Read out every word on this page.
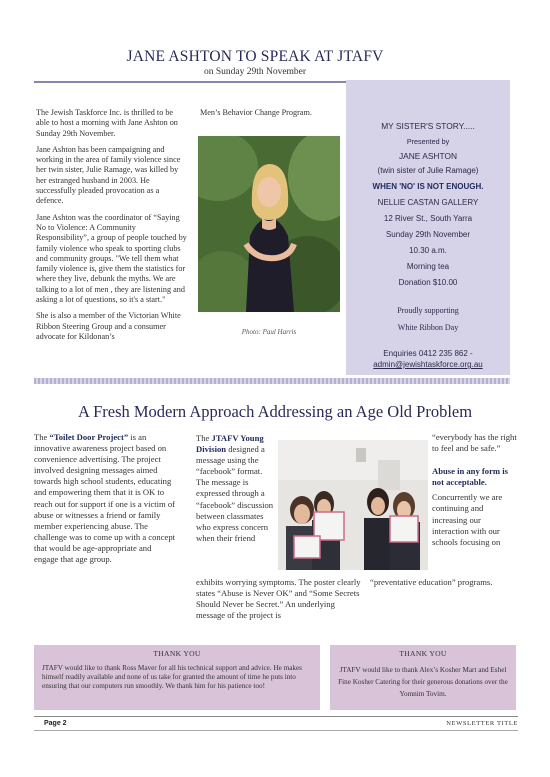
JANE ASHTON TO SPEAK AT JTAFV
on Sunday 29th November

The Jewish Taskforce Inc. is thrilled to be able to host a morning with Jane Ashton on Sunday 29th November.

Jane Ashton has been campaigning and working in the area of family violence since her twin sister, Julie Ramage, was killed by her estranged husband in 2003. He successfully pleaded provocation as a defence.

Jane Ashton was the coordinator of “Saying No to Violence: A Community Responsibility”, a group of people touched by family violence who speak to sporting clubs and community groups. "We tell them what family violence is, give them the statistics for where they live, debunk the myths. We are talking to a lot of men , they are listening and asking a lot of questions, so it's a start."

She is also a member of the Victorian White Ribbon Steering Group and a consumer advocate for Kildonan’s

Men’s Behavior Change Program.
Photo: Paul Harris
MY SISTER'S STORY.....
Presented by
JANE ASHTON
(twin sister of Julie Ramage)
WHEN 'NO' IS NOT ENOUGH.
NELLIE CASTAN GALLERY
12 River St., South Yarra
Sunday 29th November
10.30 a.m.
Morning tea
Donation $10.00
Proudly supporting
White Ribbon Day
Enquiries 0412 235 862 -
admin@jewishtaskforce.org.au
A Fresh Modern Approach Addressing an Age Old Problem
The “Toilet Door Project” is an innovative awareness project based on convenience advertising. The project involved designing messages aimed towards high school students, educating and empowering them that it is OK to reach out for support if one is a victim of abuse or witnesses a friend or family member experiencing abuse. The challenge was to come up with a concept that would be age-appropriate and engage that age group.
The JTAFV Young Division designed a message using the “facebook” format. The message is expressed through a “facebook” discussion between classmates who express concern when their friend
exhibits worrying symptoms. The poster clearly states “Abuse is Never OK” and “Some Secrets Should Never be Secret.” An underlying message of the project is
“everybody has the right to feel and be safe.”
Abuse in any form is not acceptable.
Concurrently we are continuing and increasing our interaction with our schools focusing on
“preventative education” programs.
THANK YOU
JTAFV would like to thank Ross Maver for all his technical support and advice. He makes himself readily available and none of us take for granted the amount of time he puts into ensuring that our computers run smoothly. We thank him for his patience too!
THANK YOU
JTAFV would like to thank Alex’s Kosher Mart and Eshel Fine Kosher Catering for their generous donations over the Yomnim Tovim.
Page 2	NEWSLETTER TITLE
